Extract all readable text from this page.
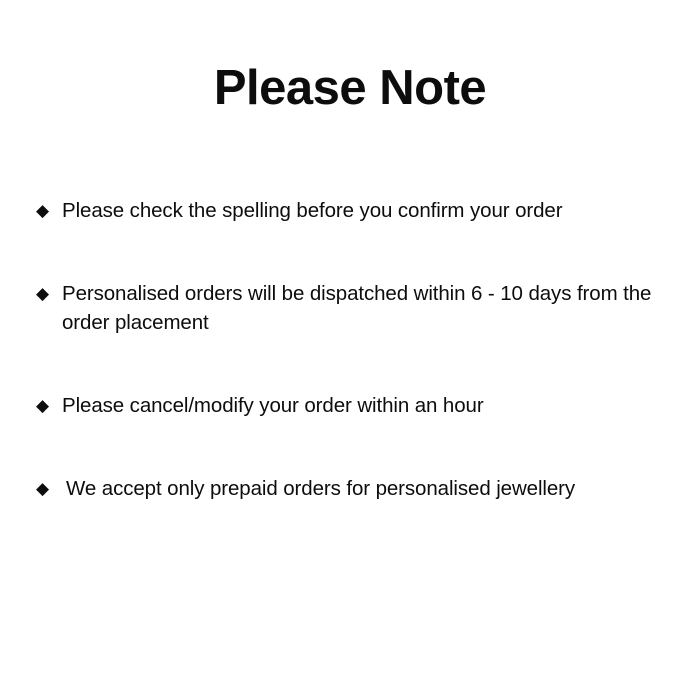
Please Note
◆ Please check the spelling before you confirm your order
◆ Personalised orders will be dispatched within 6 - 10 days from the order placement
◆ Please cancel/modify your order within an hour
◆ We accept only prepaid orders for personalised jewellery
